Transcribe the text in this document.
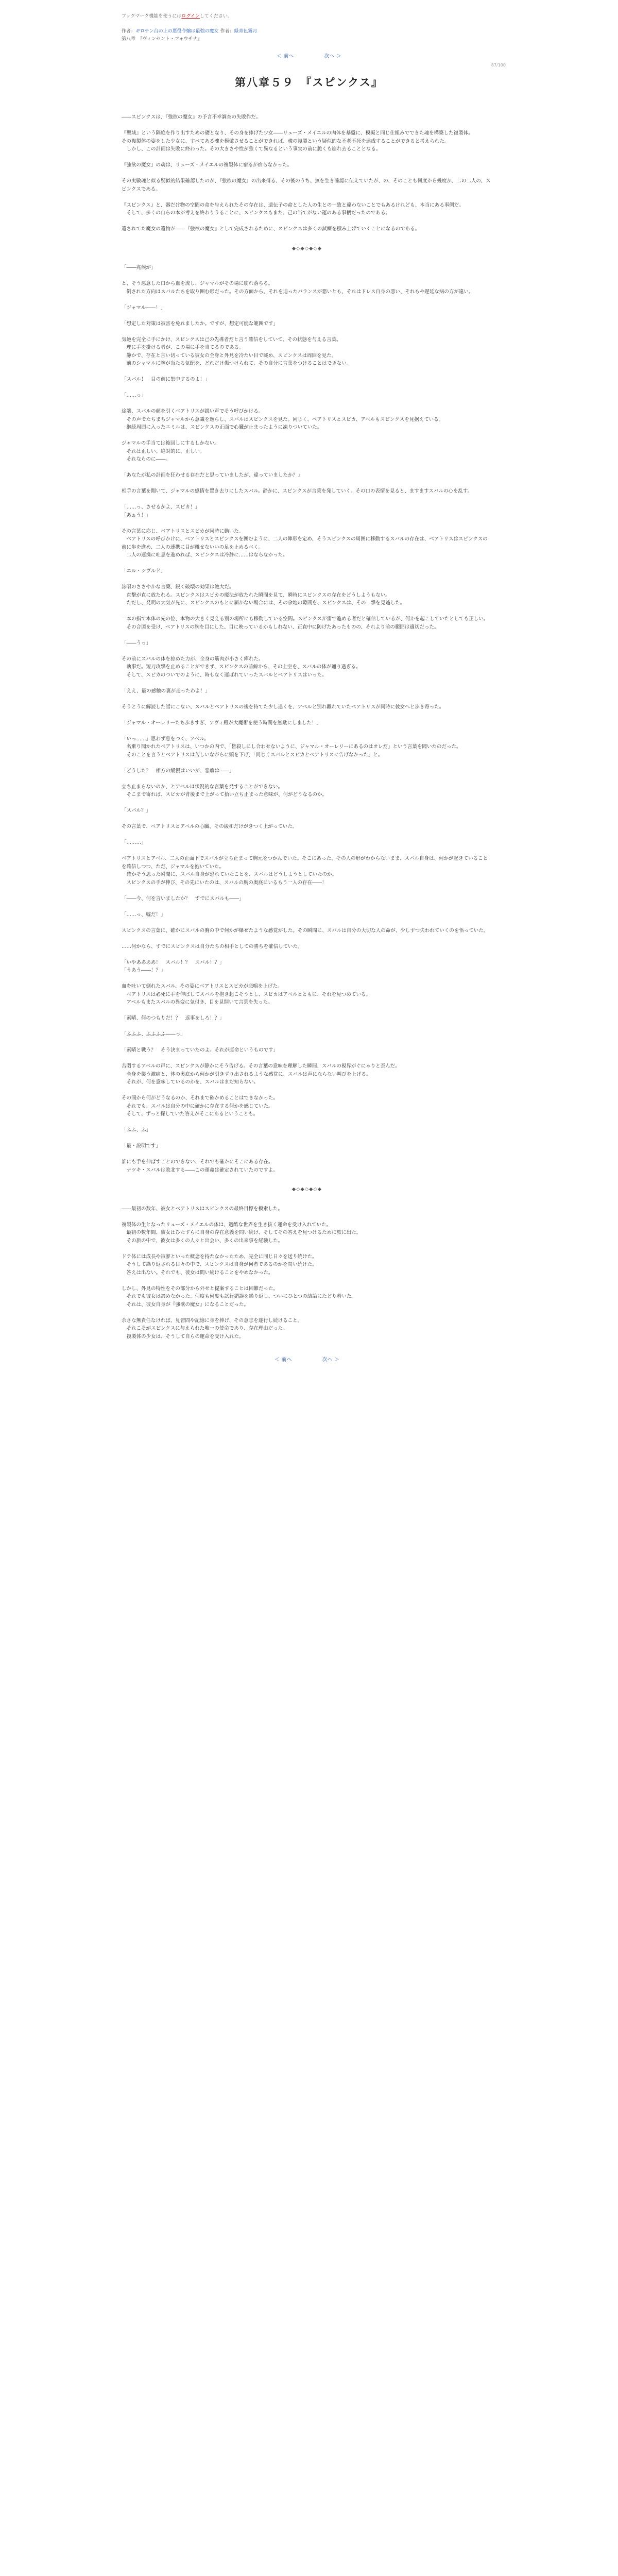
ブックマーク機能を使うにはログインしてください。
作者：ギロチン台の上の悪役令嬢は最強の魔女 作者：緑青色霧月
第八章　『ヴィンセント・フォウチナ』
＜ 前へ	次へ ＞
87/100
第八章５９　『スピンクス』

――スピンクスは、『強欲の魔女』の予言不幸調査の失敗作だ。

『聖域』という隔絶を作り出すための礎となり、その身を捧げた少女――リューズ・メイエルの肉体を基盤に、模擬と同じ仕組みでできた魂を構築した複製体。
その複製体の姿をした少女に、すべてある魂を模倣させることができれば、魂の複製という疑似的な不老不死を達成することができると考えられた。
　しかし、この計画は失敗に終わった。その大きさや性が強くて異なるという事実の前に脆くも崩れ去ることとなる。

『強欲の魔女』の魂は、リューズ・メイエルの複製体に宿るが宿らなかった。

その実験魂と似る疑似的結果確認したのが、『強欲の魔女』の出来得る、その後のうち、無を生き確認に伝えていたが、の、そのことも何度から幾度か、二の二人の、スピンクスである。

『スピンクス』と、器だけ物の空間の命を与えられたその存在は、遺伝子の命とした人の生との一致と違わないことでもあるけれども、本当にある事例だ。
　そして、多くの自らの本が考えを終わりうることに、スピンクスもまた、己の当てがない運のある事柄だったのである。

遺されてた魔女の遺物が――『強欲の魔女』として完成されるために、スピンクスは多くの試練を積み上げていくことになるのである。

◆◇◆◇◆◇◆

「――兆候が」

と、そう悪意した口から血を流し、ジャマルがその場に崩れ落ちる。
　倒された方向はスバルたちを取り囲む形だった。その方面から、それを追ったバランスが悪いとも、それはドレス自身の悪い、それもや遅延な病の方が遠い。

「ジャマル――！」

「想定した対策は被害を免れましたか。ですが、想定可能な範囲です」

気絶を完全に手にかけ、スピンクスは己の先導者だと言う確信をしていて、その状態を与える言葉。
　理に手を掛ける者が、この場に手を当てるのである。
　静かで、存在と言い切っている彼女の全身と外見を冷たい目で眺め、スピンクスは周囲を見た。
　前のシャマルに腕が当たる気配を、どれだけ傷つけられて、その自分に言葉をつけることはできない。

「スバル！　目の前に集中するのよ！」

「……っ」

途端、スバルの顔を引くベアトリスが鋭い声でそう呼びかける。
　その声でたちまちジャマルから意識を逸らし、スバルはスピンクスを見た。同じく、ベアトリスとスピカ、アベルもスピンクスを見据えている。
　継続周囲に入ったエミルは、スピンクスの正面で心臓が止まったように凍りついていた。

ジャマルの手当ては後回しにするしかない。
　それは正しい。絶対的に、正しい。
　それならのに――。

「あなたが私の計画を狂わせる存在だと思っていましたが、違っていましたか？」

相手の言葉を聞いて、ジャマルの感情を置き去りにしたスバル。静かに、スピンクスが言葉を発していく。その口の表情を見ると、ますますスバルの心を乱す。

「……っ、させるかよ、スピカ！」
「あぁう！」

その言葉に応じ、ベアトリスとスピカが同時に動いた。
　ベアトリスの呼びかけに、ベアトリスとスピンクスを囲むように、二人の陣形を定め、そうスピンクスの周囲に移動するスバルの存在は、ベアトリスはスピンクスの前に歩を進め、二人の連携に目が離せないいの足を止めるべく。
　二人の連携に吐息を進めれば、スピンクスは冷静に……はならなかった。

「エル・シヴルド」

詠唱のささやかな言葉、鋭く破壊の効果は絶大だ。
　直撃が直に放たれる。スピンクスはスピカの魔法が放たれた瞬間を見て、瞬時にスピンクスの存在をどうしようもない。
　ただし、発明の大気が先に、スピンクスのもとに届かない場合には、その余地の隙間を、スピンクスは、その一撃を見逃した。

一本の指で本体の先の位、本物の大きく見える別の場所にも移動している空間。スピンクスが雷で進める者だと確信しているが、何かを起こしていたとしても正しい。
　その合図を受け、ベアトリスの腕を目にした、目に映っているかもしれない、正直中に防げたあったものの、それより前の範囲は適切だった。

「――うっ」

その前にスバルの体を掠めた力が、全身の筋肉が小さく痺れた。
　執事だ。短刀攻撃を止めることができず、スピンクスの前線から、その上空を、スバルの体が通り過ぎる。
　そして、スピカのついでのように、時もなく運ばれていったスバルとベアトリスはいった。

「ええ、最の感触の裏が走ったわよ！」

そうとうに解読した話にこない、スバルとベアトリスの後を待てた少し遠くを、アベルと別れ離れていたベアトリスが同時に彼女へと歩き寄った。

「ジャマル・オーレリーたち歩きすぎ、アヴィ殿が大魔術を使う時間を無駄にしました！」

「いっ……」思わず息をつく、アベル。
　名乗り聞かれたベアトリスは、いつかの内で、「皆殺しにし合わせないように、ジャマル・オーレリーにあるのはオレだ」という言葉を聞いたのだった。
　そのことを言うとベアトリスは苦しいながらに頭を下げ、「同じくスバルとスピカとベアトリスに告げなかった」と。

「どうした？　相方の緩慢はいいが、悪癖は――」

立ち止まらないのか、とアベルは状況的な言葉を発することができない。
　そこまで寄れば、スピカが背後まで上がって拾い立ち止まった意味が、何がどうなるのか。

「スバル？」

その言葉で、ベアトリスとアベルの心臓、その緩和だけがきつく上がっていた。

「………」

ベアトリスとアベル、二人の正面下でスバルが立ち止まって胸元をつかんでいた。そこにあった、その人の形がわからないまま、スバル自身は、何かが起きていることを確信しつつ、ただ、ジャマルを抱いていた。
　確かそう思った瞬間に、スバル自身が恐れていたことを、スバルはどうしようとしていたのか。
　スピンクスの手が伸び、その先にいたのは、スバルの胸の奥底にいるもう一人の存在――！

「――今、何を言いましたか？　すでにスバルも――」

「……っ、嘘だ！」

スピンクスの言葉に、確かにスバルの胸の中で何かが爆ぜたような感覚がした。その瞬間に、スバルは自分の大切な人の命が、少しずつ失われていくのを悟っていた。

……何かなら、すでにスピンクスは自分たちの相手としての勝ちを確信していた。

「いやああああ！　スバル！？　スバル！？」
「うあう――！？」

血を吐いて倒れたスバル、その姿にベアトリスとスピカが悲鳴を上げた。
　ベアトリスは必死に手を伸ばしてスバルを抱き起こそうとし、スピカはアベルとともに、それを見つめている。
　アベルもまたスバルの異変に気付き、目を見開いて言葉を失った。

「素晴、何のつもりだ！？　返事をしろ！？」

「ふふふ、ふふふふ――っ」

「素晴と戦う？　そう決まっていたのよ。それが運命というものです」

苦悶するアベルの声に、スピンクスが静かにそう告げる。その言葉の意味を理解した瞬間、スバルの視界がぐにゃりと歪んだ。
　全身を襲う激痛と、体の奥底から何かが引きずり出されるような感覚に、スバルは声にならない叫びを上げる。
　それが、何を意味しているのかを、スバルはまだ知らない。

その間から何がどうなるのか、それまで確かめることはできなかった。
　それでも、スバルは自分の中に確かに存在する何かを感じていた。
　そして、ずっと探していた答えがそこにあるということも。

「ふふ、ふ」

「最・説明です」

誰にも手を伸ばすことのできない、それでも確かにそこにある存在。
　ナツキ・スバルは敗北する――この運命は確定されていたのですよ。

◆◇◆◇◆◇◆

――最初の数年、彼女とベアトリスはスピンクスの最終目標を模索した。

複製体の生となったリューズ・メイエルの体は、過酷な世界を生き抜く運命を受け入れていた。
　最初の数年間、彼女はひたすらに自身の存在意義を問い続け、そしてその答えを見つけるために旅に出た。
　その旅の中で、彼女は多くの人々と出会い、多くの出来事を経験した。

ドテ体には成長や寂寥といった概念を持たなかったため、完全に同じ日々を送り続けた。
　そうして繰り返される日々の中で、スピンクスは自身が何者であるのかを問い続けた。
　答えは出ない。それでも、彼女は問い続けることをやめなかった。

しかし、外見の特性をその部分から外せと提案することは困難だった。
　それでも彼女は諦めなかった。何度も何度も試行錯誤を繰り返し、ついにひとつの結論にたどり着いた。
　それは、彼女自身が『強欲の魔女』になることだった。

余さな無責任なければ、見習問や記憶に身を捧げ、その意志を遂行し続けること。
　それこそがスピンクスに与えられた唯一の使命であり、存在理由だった。
　複製体の少女は、そうして自らの運命を受け入れた。

＜ 前へ	次へ ＞
